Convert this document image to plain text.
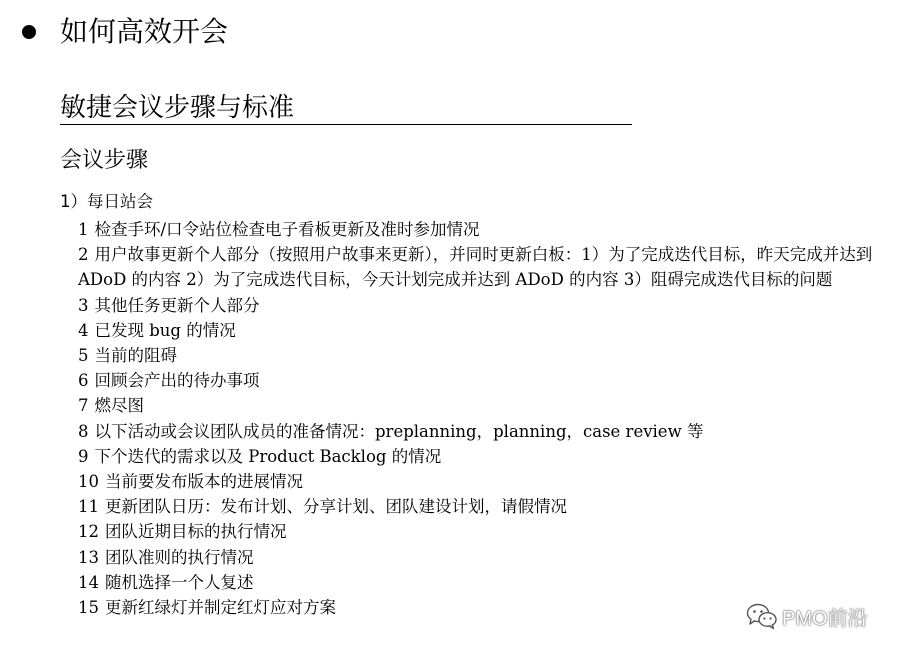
如何高效开会
敏捷会议步骤与标准
会议步骤
1）每日站会

1 检查手环/口令站位检查电子看板更新及准时参加情况

2 用户故事更新个人部分（按照用户故事来更新），并同时更新白板：1）为了完成迭代目标，昨天完成并达到 ADoD 的内容 2）为了完成迭代目标，今天计划完成并达到 ADoD 的内容 3）阻碍完成迭代目标的问题

3 其他任务更新个人部分

4 已发现 bug 的情况

5 当前的阻碍

6 回顾会产出的待办事项

7 燃尽图

8 以下活动或会议团队成员的准备情况：preplanning，planning，case review 等

9 下个迭代的需求以及 Product Backlog 的情况

10 当前要发布版本的进展情况

11 更新团队日历：发布计划、分享计划、团队建设计划，请假情况

12 团队近期目标的执行情况

13 团队准则的执行情况

14 随机选择一个人复述

15 更新红绿灯并制定红灯应对方案	PMO前沿
